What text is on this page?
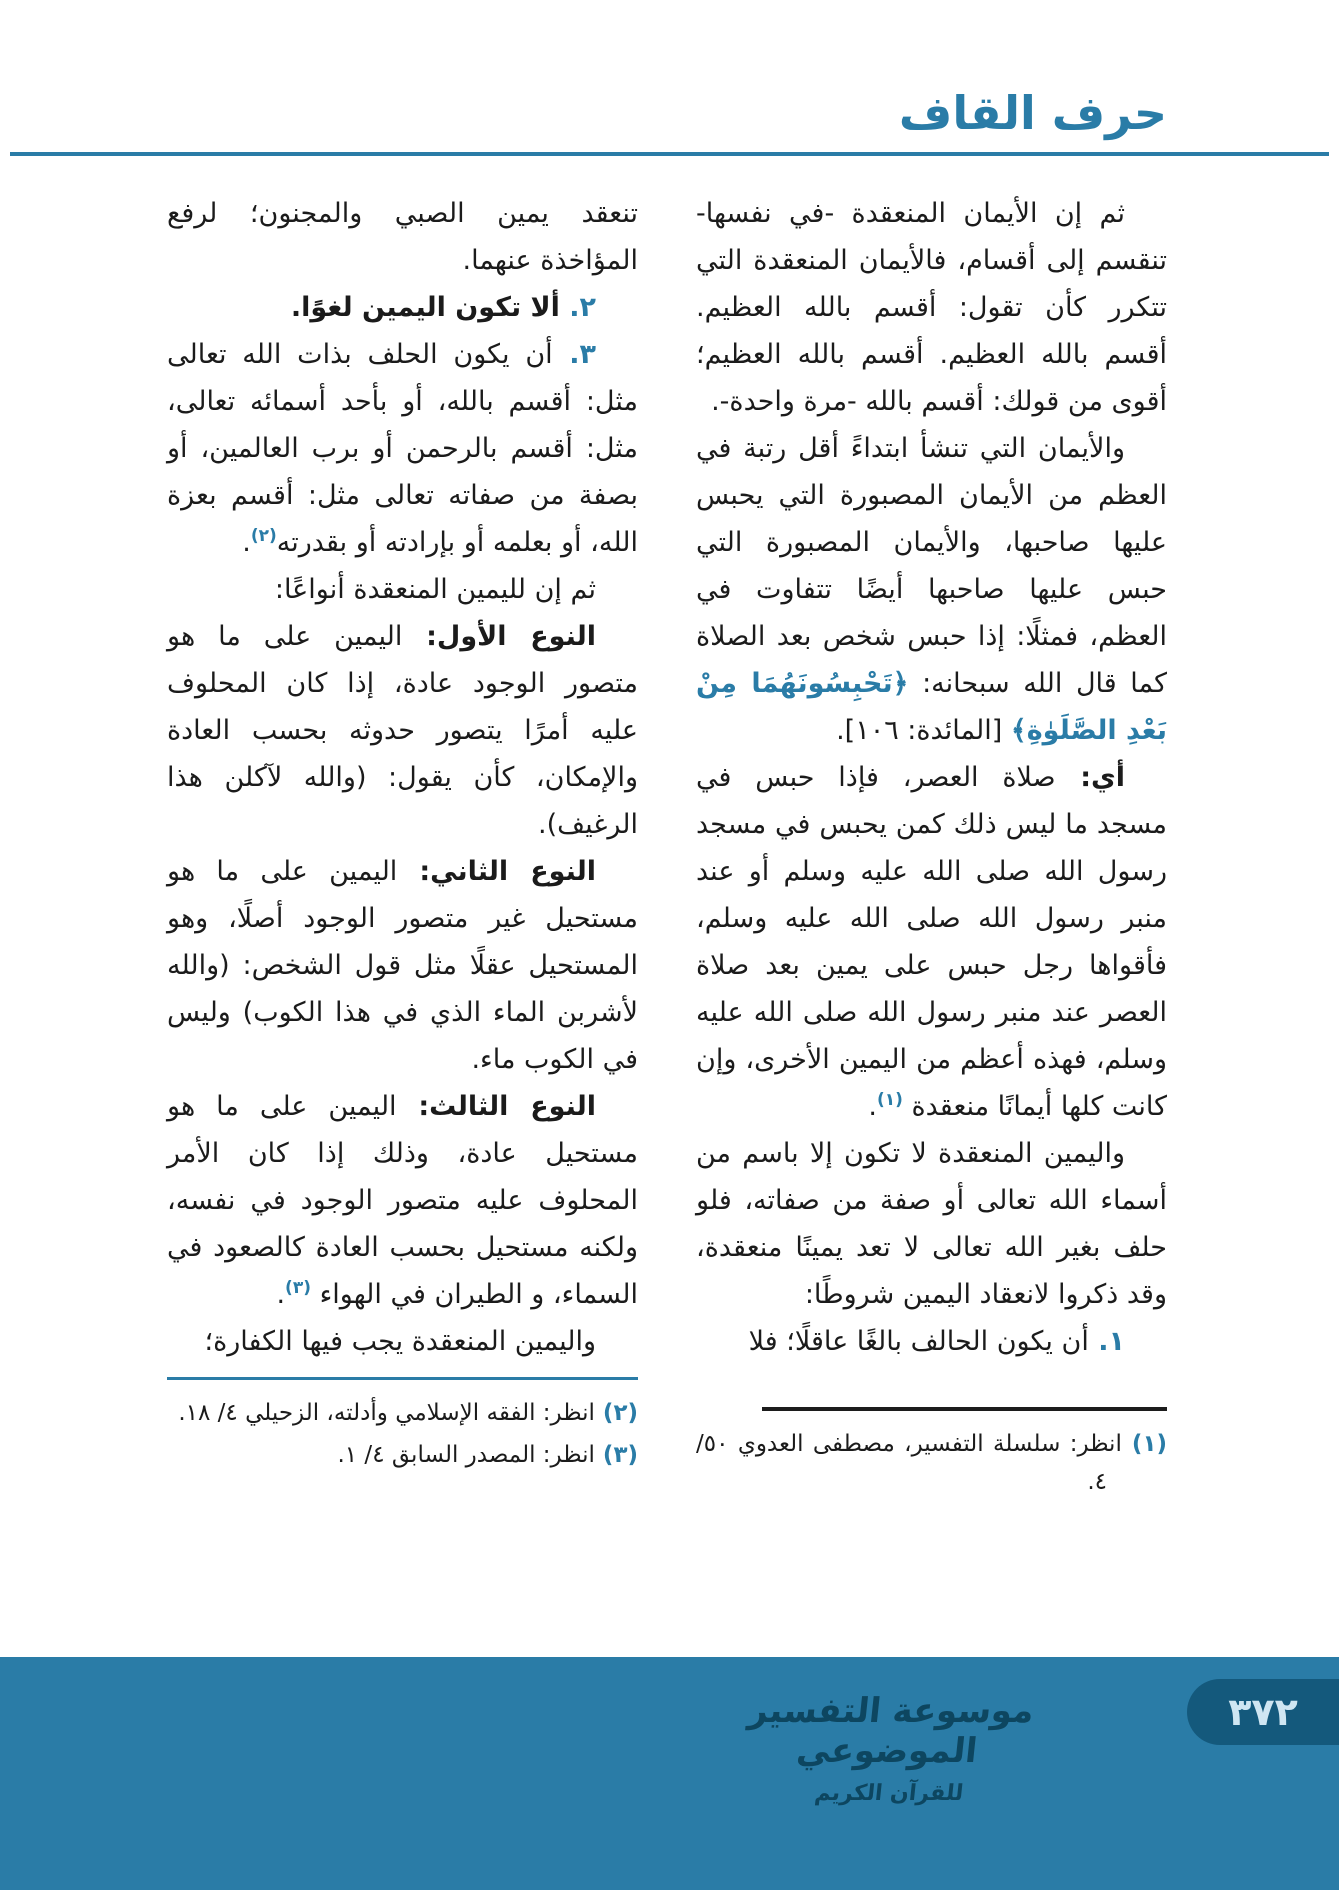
حرف القاف

ثم إن الأيمان المنعقدة -في نفسها- تنقسم إلى أقسام، فالأيمان المنعقدة التي تتكرر كأن تقول: أقسم بالله العظيم. أقسم بالله العظيم. أقسم بالله العظيم؛ أقوى من قولك: أقسم بالله -مرة واحدة-.

والأيمان التي تنشأ ابتداءً أقل رتبة في العظم من الأيمان المصبورة التي يحبس عليها صاحبها، والأيمان المصبورة التي حبس عليها صاحبها أيضًا تتفاوت في العظم، فمثلًا: إذا حبس شخص بعد الصلاة كما قال الله سبحانه: ﴿تَحْبِسُونَهُمَا مِنْ بَعْدِ الصَّلَوٰةِ﴾ [المائدة: ١٠٦].

أي: صلاة العصر، فإذا حبس في مسجد ما ليس ذلك كمن يحبس في مسجد رسول الله صلى الله عليه وسلم أو عند منبر رسول الله صلى الله عليه وسلم، فأقواها رجل حبس على يمين بعد صلاة العصر عند منبر رسول الله صلى الله عليه وسلم، فهذه أعظم من اليمين الأخرى، وإن كانت كلها أيمانًا منعقدة $^{(١)}$.

واليمين المنعقدة لا تكون إلا باسم من أسماء الله تعالى أو صفة من صفاته، فلو حلف بغير الله تعالى لا تعد يمينًا منعقدة، وقد ذكروا لانعقاد اليمين شروطًا:

١. أن يكون الحالف بالغًا عاقلًا؛ فلا

(١) انظر: سلسلة التفسير، مصطفى العدوي ٥٠/ ٤.

تنعقد يمين الصبي والمجنون؛ لرفع المؤاخذة عنهما.

٢. ألا تكون اليمين لغوًا.

٣. أن يكون الحلف بذات الله تعالى مثل: أقسم بالله، أو بأحد أسمائه تعالى، مثل: أقسم بالرحمن أو برب العالمين، أو بصفة من صفاته تعالى مثل: أقسم بعزة الله، أو بعلمه أو بإرادته أو بقدرته$^{(٢)}$.

ثم إن لليمين المنعقدة أنواعًا:

النوع الأول: اليمين على ما هو متصور الوجود عادة، إذا كان المحلوف عليه أمرًا يتصور حدوثه بحسب العادة والإمكان، كأن يقول: (والله لآكلن هذا الرغيف).

النوع الثاني: اليمين على ما هو مستحيل غير متصور الوجود أصلًا، وهو المستحيل عقلًا مثل قول الشخص: (والله لأشربن الماء الذي في هذا الكوب) وليس في الكوب ماء.

النوع الثالث: اليمين على ما هو مستحيل عادة، وذلك إذا كان الأمر المحلوف عليه متصور الوجود في نفسه، ولكنه مستحيل بحسب العادة كالصعود في السماء، و الطيران في الهواء $^{(٣)}$.

واليمين المنعقدة يجب فيها الكفارة؛

(٢) انظر: الفقه الإسلامي وأدلته، الزحيلي ٤/ ١٨.

(٣) انظر: المصدر السابق ٤/ ١.

موسوعة التفسير الموضوعي
للقرآن الكريم
٣٧٢
